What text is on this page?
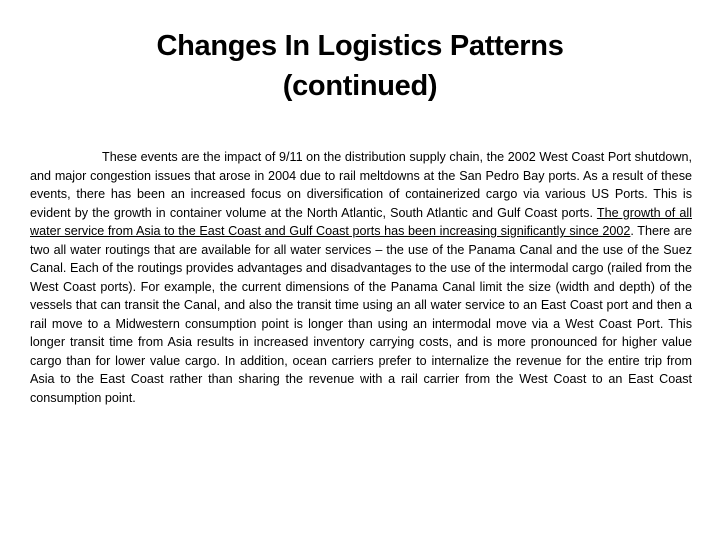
Changes In Logistics Patterns
(continued)
These events are the impact of 9/11 on the distribution supply chain, the 2002 West Coast Port shutdown, and major congestion issues that arose in 2004 due to rail meltdowns at the San Pedro Bay ports. As a result of these events, there has been an increased focus on diversification of containerized cargo via various US Ports. This is evident by the growth in container volume at the North Atlantic, South Atlantic and Gulf Coast ports. The growth of all water service from Asia to the East Coast and Gulf Coast ports has been increasing significantly since 2002. There are two all water routings that are available for all water services – the use of the Panama Canal and the use of the Suez Canal. Each of the routings provides advantages and disadvantages to the use of the intermodal cargo (railed from the West Coast ports). For example, the current dimensions of the Panama Canal limit the size (width and depth) of the vessels that can transit the Canal, and also the transit time using an all water service to an East Coast port and then a rail move to a Midwestern consumption point is longer than using an intermodal move via a West Coast Port. This longer transit time from Asia results in increased inventory carrying costs, and is more pronounced for higher value cargo than for lower value cargo. In addition, ocean carriers prefer to internalize the revenue for the entire trip from Asia to the East Coast rather than sharing the revenue with a rail carrier from the West Coast to an East Coast consumption point.
